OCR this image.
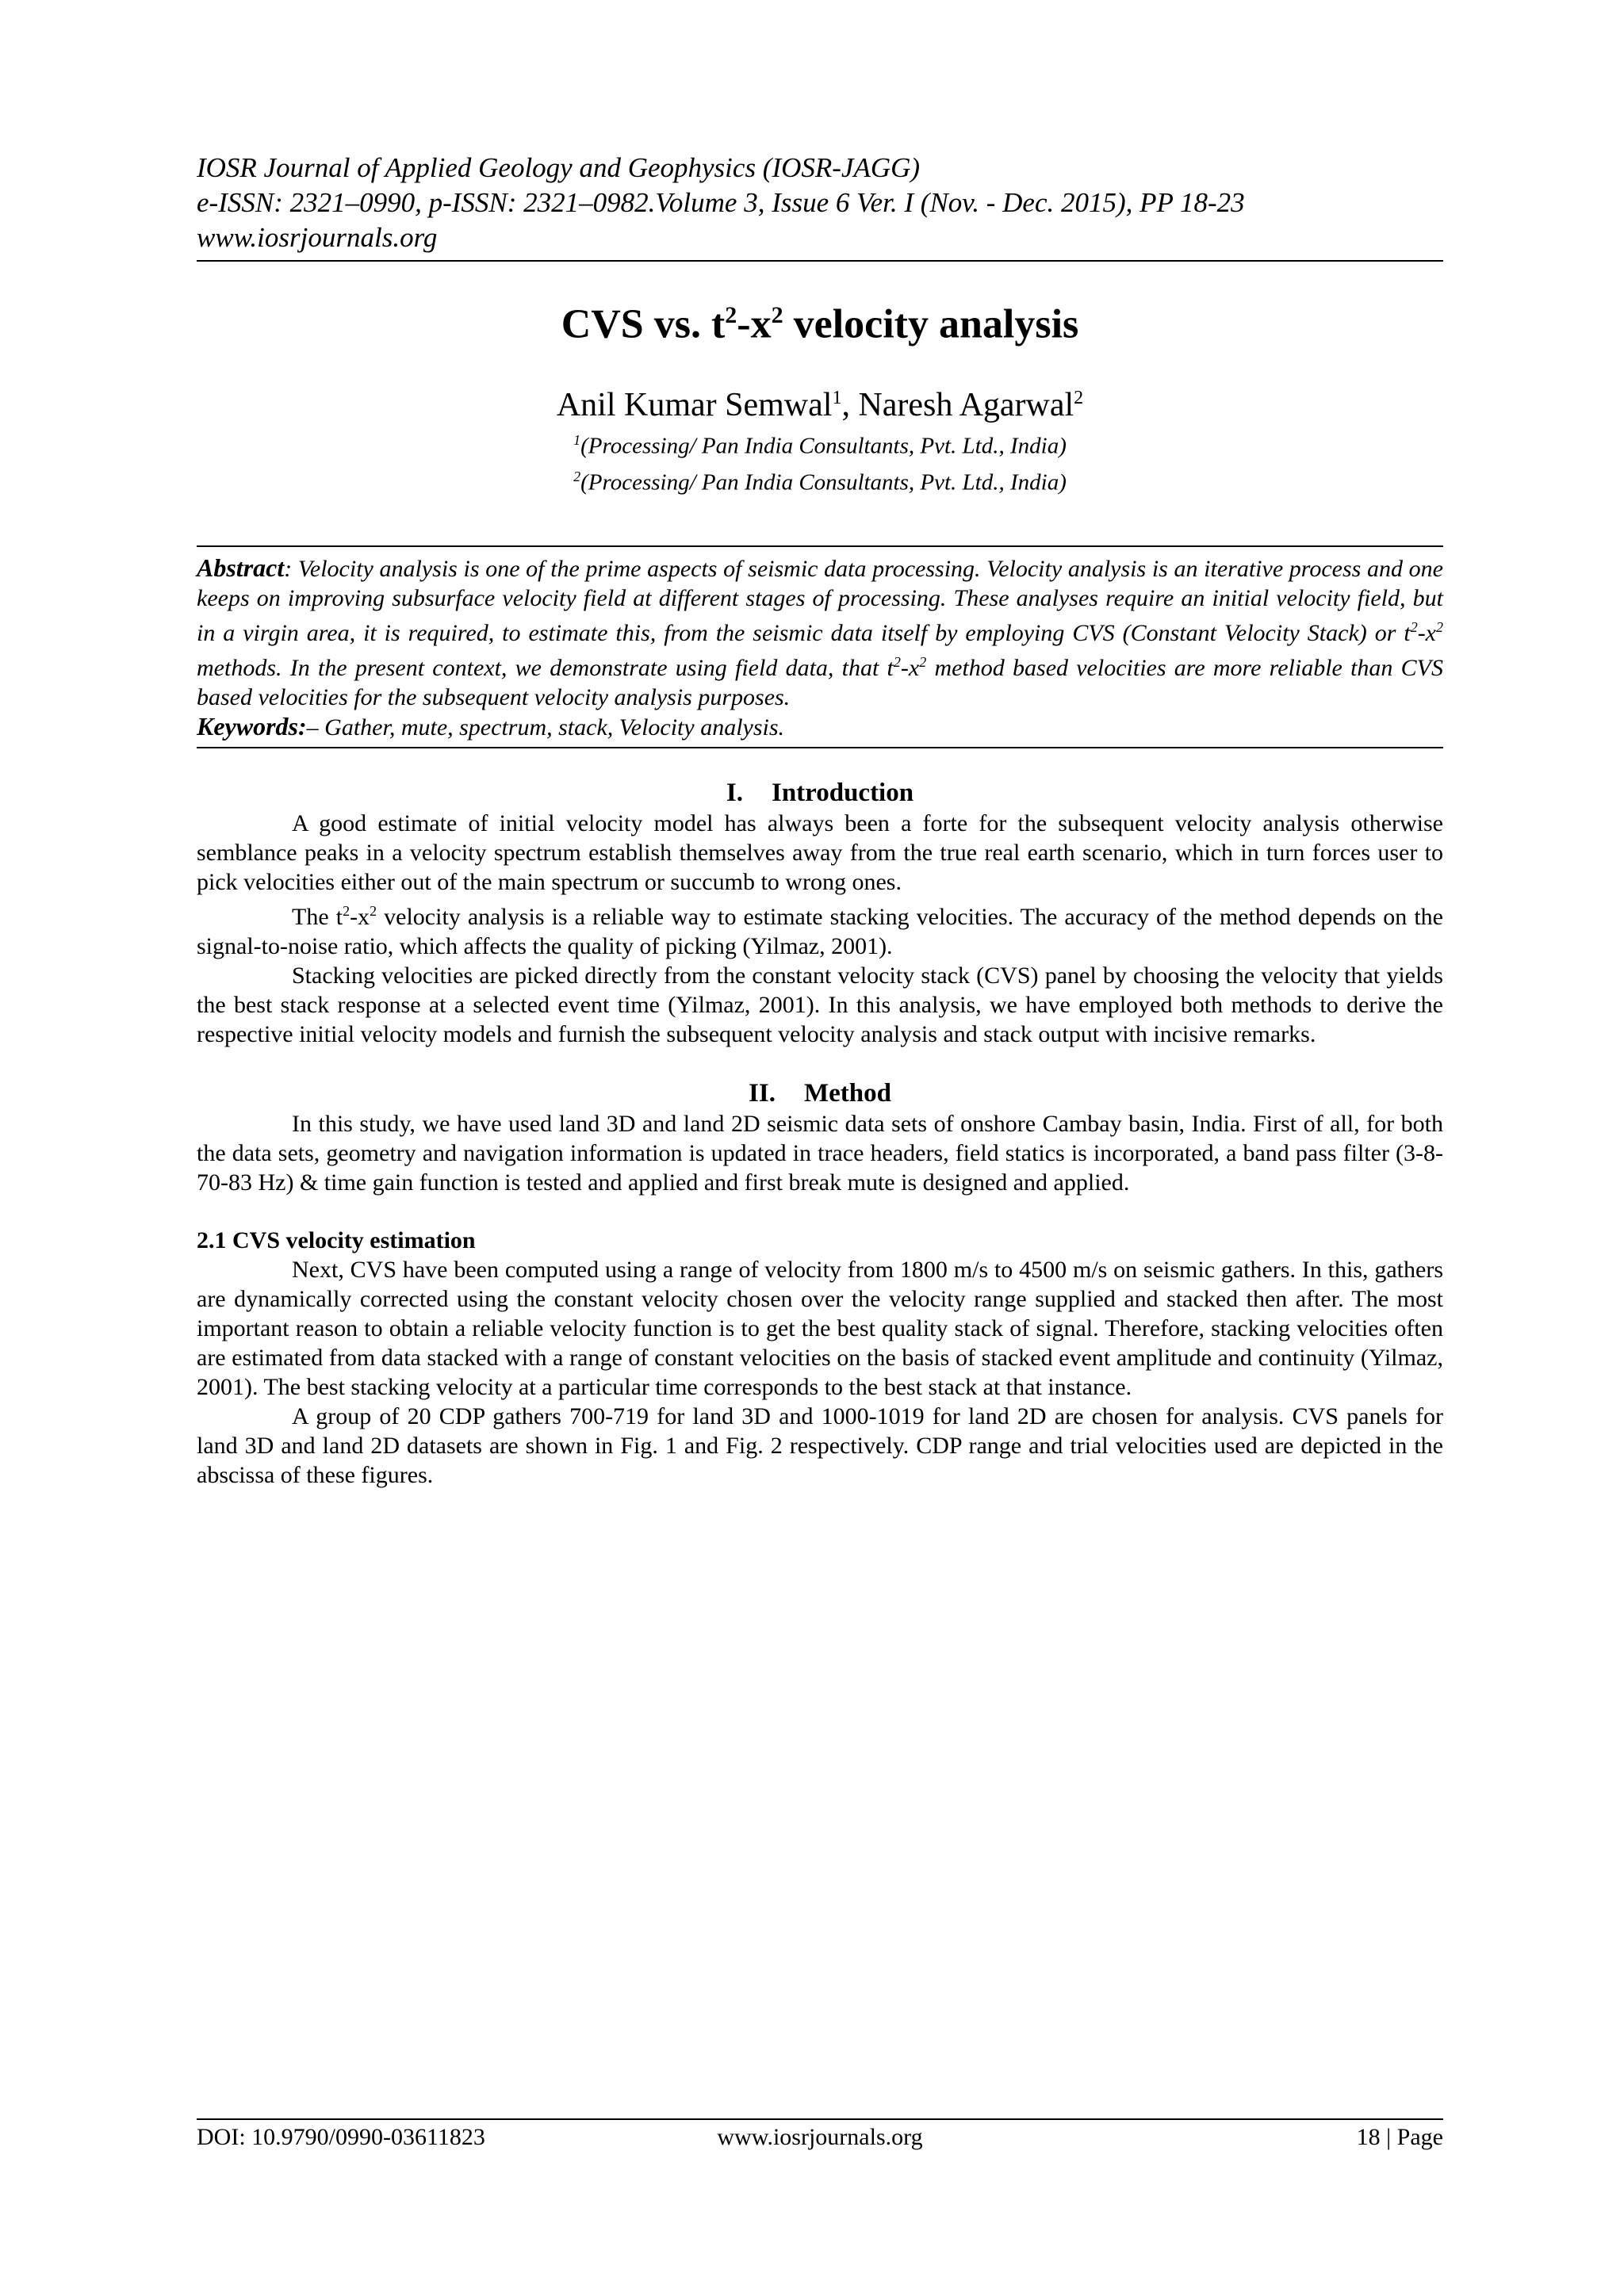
IOSR Journal of Applied Geology and Geophysics (IOSR-JAGG)
e-ISSN: 2321–0990, p-ISSN: 2321–0982.Volume 3, Issue 6 Ver. I (Nov. - Dec. 2015), PP 18-23
www.iosrjournals.org
CVS vs. $t^2-x^2$ velocity analysis
Anil Kumar Semwal$^1$, Naresh Agarwal$^2$
$^1$(Processing/ Pan India Consultants, Pvt. Ltd., India)
$^2$(Processing/ Pan India Consultants, Pvt. Ltd., India)

Abstract: Velocity analysis is one of the prime aspects of seismic data processing. Velocity analysis is an iterative process and one keeps on improving subsurface velocity field at different stages of processing. These analyses require an initial velocity field, but in a virgin area, it is required, to estimate this, from the seismic data itself by employing CVS (Constant Velocity Stack) or $t^2-x^2$ methods. In the present context, we demonstrate using field data, that $t^2-x^2$ method based velocities are more reliable than CVS based velocities for the subsequent velocity analysis purposes.

Keywords:– Gather, mute, spectrum, stack, Velocity analysis.

I. Introduction

A good estimate of initial velocity model has always been a forte for the subsequent velocity analysis otherwise semblance peaks in a velocity spectrum establish themselves away from the true real earth scenario, which in turn forces user to pick velocities either out of the main spectrum or succumb to wrong ones.

The $t^2-x^2$ velocity analysis is a reliable way to estimate stacking velocities. The accuracy of the method depends on the signal-to-noise ratio, which affects the quality of picking (Yilmaz, 2001).

Stacking velocities are picked directly from the constant velocity stack (CVS) panel by choosing the velocity that yields the best stack response at a selected event time (Yilmaz, 2001). In this analysis, we have employed both methods to derive the respective initial velocity models and furnish the subsequent velocity analysis and stack output with incisive remarks.

II. Method

In this study, we have used land 3D and land 2D seismic data sets of onshore Cambay basin, India. First of all, for both the data sets, geometry and navigation information is updated in trace headers, field statics is incorporated, a band pass filter (3-8-70-83 Hz) & time gain function is tested and applied and first break mute is designed and applied.

2.1 CVS velocity estimation

Next, CVS have been computed using a range of velocity from 1800 m/s to 4500 m/s on seismic gathers. In this, gathers are dynamically corrected using the constant velocity chosen over the velocity range supplied and stacked then after. The most important reason to obtain a reliable velocity function is to get the best quality stack of signal. Therefore, stacking velocities often are estimated from data stacked with a range of constant velocities on the basis of stacked event amplitude and continuity (Yilmaz, 2001). The best stacking velocity at a particular time corresponds to the best stack at that instance.

A group of 20 CDP gathers 700-719 for land 3D and 1000-1019 for land 2D are chosen for analysis. CVS panels for land 3D and land 2D datasets are shown in Fig. 1 and Fig. 2 respectively. CDP range and trial velocities used are depicted in the abscissa of these figures.

DOI: 10.9790/0990-03611823	www.iosrjournals.org	18 | Page
